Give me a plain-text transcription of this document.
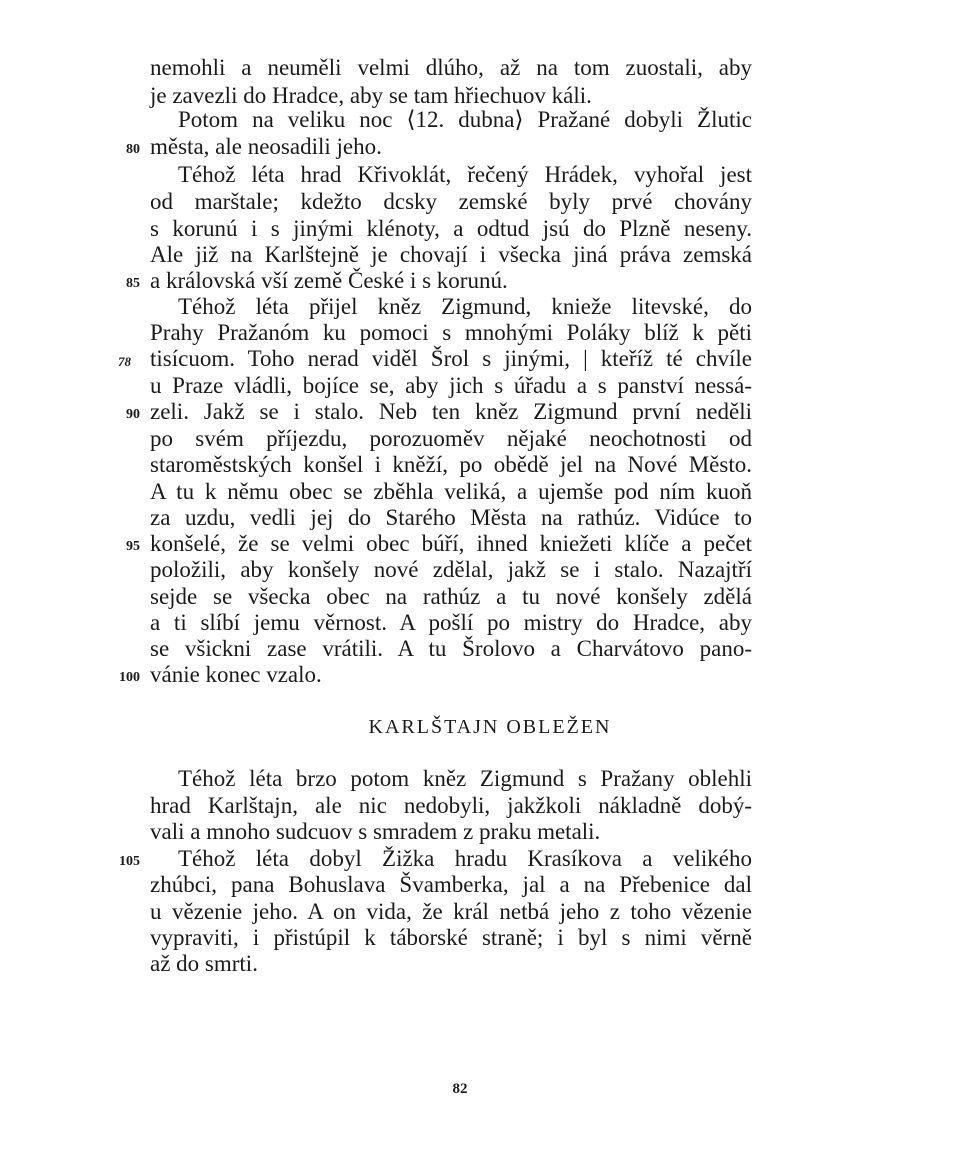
nemohli a neuměli velmi dlúho, až na tom zuostali, aby
je zavezli do Hradce, aby se tam hřiechuov káli.
Potom na veliku noc ⟨12. dubna⟩ Pražané dobyli Žlutic
města, ale neosadili jeho.
Téhož léta hrad Křivoklát, řečený Hrádek, vyhořal jest
od marštale; kdežto dcsky zemské byly prvé chovány
s korunú i s jinými klénoty, a odtud jsú do Plzně neseny.
Ale již na Karlštejně je chovají i všecka jiná práva zemská
a královská vší země České i s korunú.
Téhož léta přijel kněz Zigmund, knieže litevské, do
Prahy Pražanóm ku pomoci s mnohými Poláky blíž k pěti
tisícuom. Toho nerad viděl Šrol s jinými, | kteříž té chvíle
u Praze vládli, bojíce se, aby jich s úřadu a s panství nessá-
zeli. Jakž se i stalo. Neb ten kněz Zigmund první neděli
po svém příjezdu, porozuoměv nějaké neochotnosti od
staroměstských konšel i kněží, po obědě jel na Nové Město.
A tu k němu obec se zběhla veliká, a ujemše pod ním kuoň
za uzdu, vedli jej do Starého Města na rathúz. Vidúce to
konšelé, že se velmi obec búří, ihned kniežeti klíče a pečet
položili, aby konšely nové zdělal, jakž se i stalo. Nazajtří
sejde se všecka obec na rathúz a tu nové konšely zdělá
a ti slíbí jemu věrnost. A pošlí po mistry do Hradce, aby
se všickni zase vrátili. A tu Šrolovo a Charvátovo pano-
vánie konec vzalo.
KARLŠTAJN OBLEŽEN
Téhož léta brzo potom kněz Zigmund s Pražany oblehli
hrad Karlštajn, ale nic nedobyli, jakžkoli nákladně dobý-
vali a mnoho sudcuov s smradem z praku metali.
Téhož léta dobyl Žižka hradu Krasíkova a velikého
zhúbci, pana Bohuslava Švamberka, jal a na Přebenice dal
u vězenie jeho. A on vida, že král netbá jeho z toho vězenie
vypraviti, i přistúpil k táborské straně; i byl s nimi věrně
až do smrti.
80
85
90
95
100
105
78
82
